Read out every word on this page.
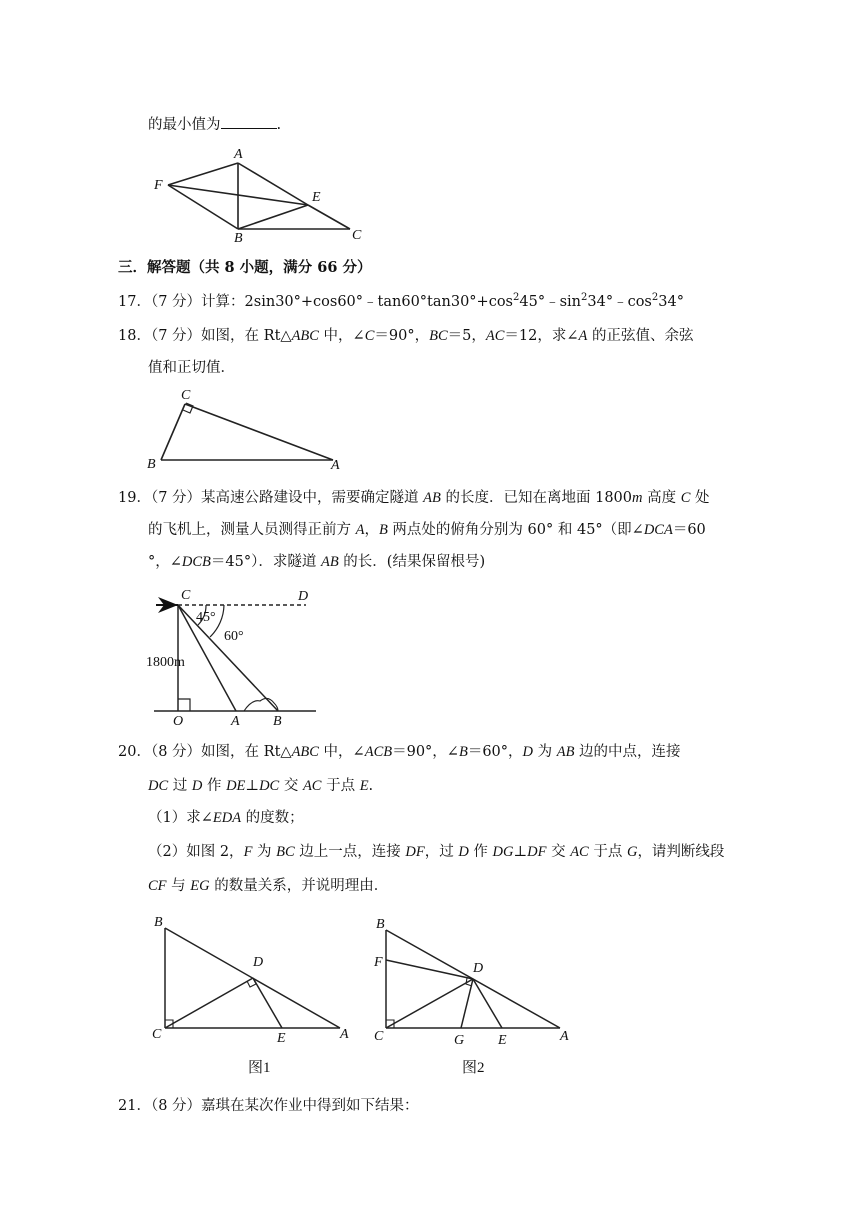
的最小值为	.
A
F
E
B	C
三．解答题（共 8 小题，满分 66 分）
17．（7 分）计算：$2\sin 30^\circ+\cos 60^\circ﹣\tan 60^\circ\tan 30^\circ+\cos^245^\circ﹣\sin^234^\circ﹣\cos^234^\circ$
18．（7 分）如图，在 Rt△ABC 中，∠C＝90°，BC＝5，AC＝12，求∠A 的正弦值、余弦
值和正切值．
C
B	A
19．（7 分）某高速公路建设中，需要确定隧道 AB 的长度．已知在离地面 1800m 高度 C 处
的飞机上，测量人员测得正前方 A，B 两点处的俯角分别为 60° 和 45°（即∠DCA＝60
°，∠DCB＝45°）．求隧道 AB 的长．(结果保留根号)
C	D
45°
60°
1800m
O	A B
20．（8 分）如图，在 Rt△ABC 中，∠ACB＝90°，∠B＝60°，D 为 AB 边的中点，连接
DC 过 D 作 DE⊥DC 交 AC 于点 E.
（1）求∠EDA 的度数；
（2）如图 2，F 为 BC 边上一点，连接 DF，过 D 作 DG⊥DF 交 AC 于点 G，请判断线段
CF 与 EG 的数量关系，并说明理由．
B
D
C	E	A
图1
B
F	D
C	G E	A
图2
21．（8 分）嘉琪在某次作业中得到如下结果：
